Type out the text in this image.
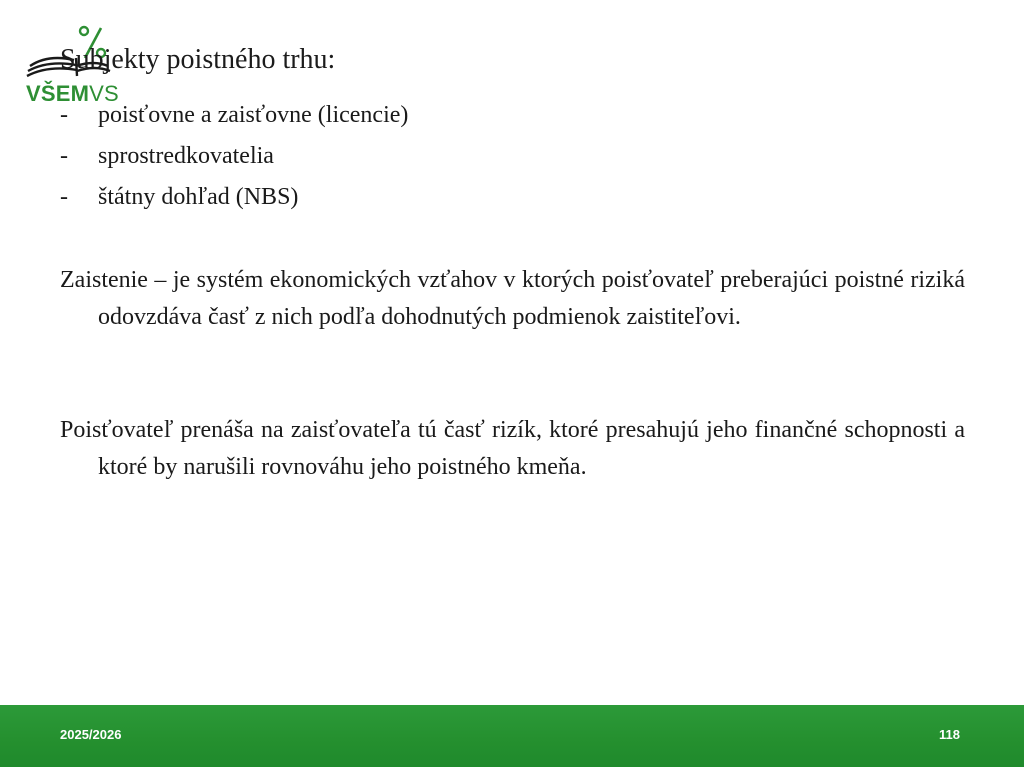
VŠEMVS
Subjekty poistného trhu:
- poisťovne a zaisťovne (licencie)
- sprostredkovatelia
- štátny dohľad (NBS)
Zaistenie – je systém ekonomických vzťahov v ktorých poisťovateľ preberajúci poistné riziká odovzdáva časť z nich podľa dohodnutých podmienok zaistiteľovi.
Poisťovateľ prenáša na zaisťovateľa tú časť rizík, ktoré presahujú jeho finančné schopnosti a ktoré by narušili rovnováhu jeho poistného kmeňa.
2025/2026	118
